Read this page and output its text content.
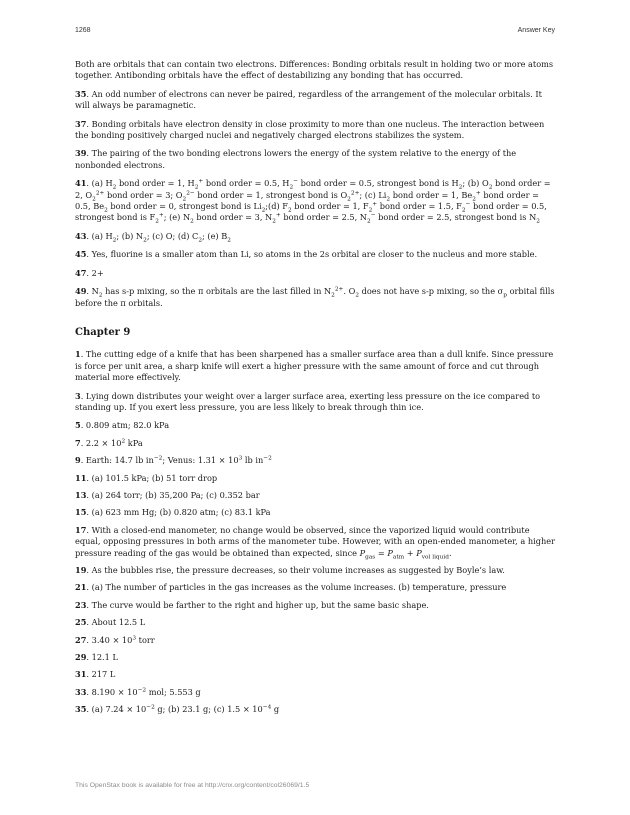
1268	Answer Key

Both are orbitals that can contain two electrons. Differences: Bonding orbitals result in holding two or more atoms together. Antibonding orbitals have the effect of destabilizing any bonding that has occurred.

35. An odd number of electrons can never be paired, regardless of the arrangement of the molecular orbitals. It will always be paramagnetic.

37. Bonding orbitals have electron density in close proximity to more than one nucleus. The interaction between the bonding positively charged nuclei and negatively charged electrons stabilizes the system.

39. The pairing of the two bonding electrons lowers the energy of the system relative to the energy of the nonbonded electrons.

41. (a) $H_2$ bond order = 1, $H_2^+$ bond order = 0.5, $H_2^-$ bond order = 0.5, strongest bond is $H_2$; (b) $O_2$ bond order = 2, $O_2^{2+}$ bond order = 3; $O_2^{2-}$ bond order = 1, strongest bond is $O_2^{2+}$; (c) $Li_2$ bond order = 1, $Be_2^+$ bond order = 0.5, $Be_2$ bond order = 0, strongest bond is $Li_2;(d)$ $F_2$ bond order = 1, $F_2^+$ bond order = 1.5, $F_2^-$ bond order = 0.5, strongest bond is $F_2^+$; (e) $N_2$ bond order = 3, $N_2^+$ bond order = 2.5, $N_2^-$ bond order = 2.5, strongest bond is $N_2$

43. (a) $H_2$; (b) $N_2$; (c) O; (d) $C_2$; (e) $B_2$

45. Yes, fluorine is a smaller atom than Li, so atoms in the 2s orbital are closer to the nucleus and more stable.

47. 2+

49. $N_2$ has s-p mixing, so the π orbitals are the last filled in $N_2^{2+}$. $O_2$ does not have s-p mixing, so the $\sigma_p$ orbital fills before the π orbitals.

Chapter 9

1. The cutting edge of a knife that has been sharpened has a smaller surface area than a dull knife. Since pressure is force per unit area, a sharp knife will exert a higher pressure with the same amount of force and cut through material more effectively.

3. Lying down distributes your weight over a larger surface area, exerting less pressure on the ice compared to standing up. If you exert less pressure, you are less likely to break through thin ice.

5. 0.809 atm; 82.0 kPa

7. $2.2 \times 10^2$ kPa

9. Earth: 14.7 lb $in^{-2}$; Venus: $1.31 \times 10^3$ lb $in^{-2}$

11. (a) 101.5 kPa; (b) 51 torr drop

13. (a) 264 torr; (b) 35,200 Pa; (c) 0.352 bar

15. (a) 623 mm Hg; (b) 0.820 atm; (c) 83.1 kPa

17. With a closed-end manometer, no change would be observed, since the vaporized liquid would contribute equal, opposing pressures in both arms of the manometer tube. However, with an open-ended manometer, a higher pressure reading of the gas would be obtained than expected, since $P_{gas} = P_{atm} + P_{vol liquid}$.

19. As the bubbles rise, the pressure decreases, so their volume increases as suggested by Boyle’s law.

21. (a) The number of particles in the gas increases as the volume increases. (b) temperature, pressure

23. The curve would be farther to the right and higher up, but the same basic shape.

25. About 12.5 L

27. $3.40 \times 10^3$ torr

29. 12.1 L

31. 217 L

33. $8.190 \times 10^{-2}$ mol; 5.553 g

35. (a) $7.24 \times 10^{-2}$ g; (b) 23.1 g; (c) $1.5 \times 10^{-4}$ g

This OpenStax book is available for free at http://cnx.org/content/col26069/1.5
